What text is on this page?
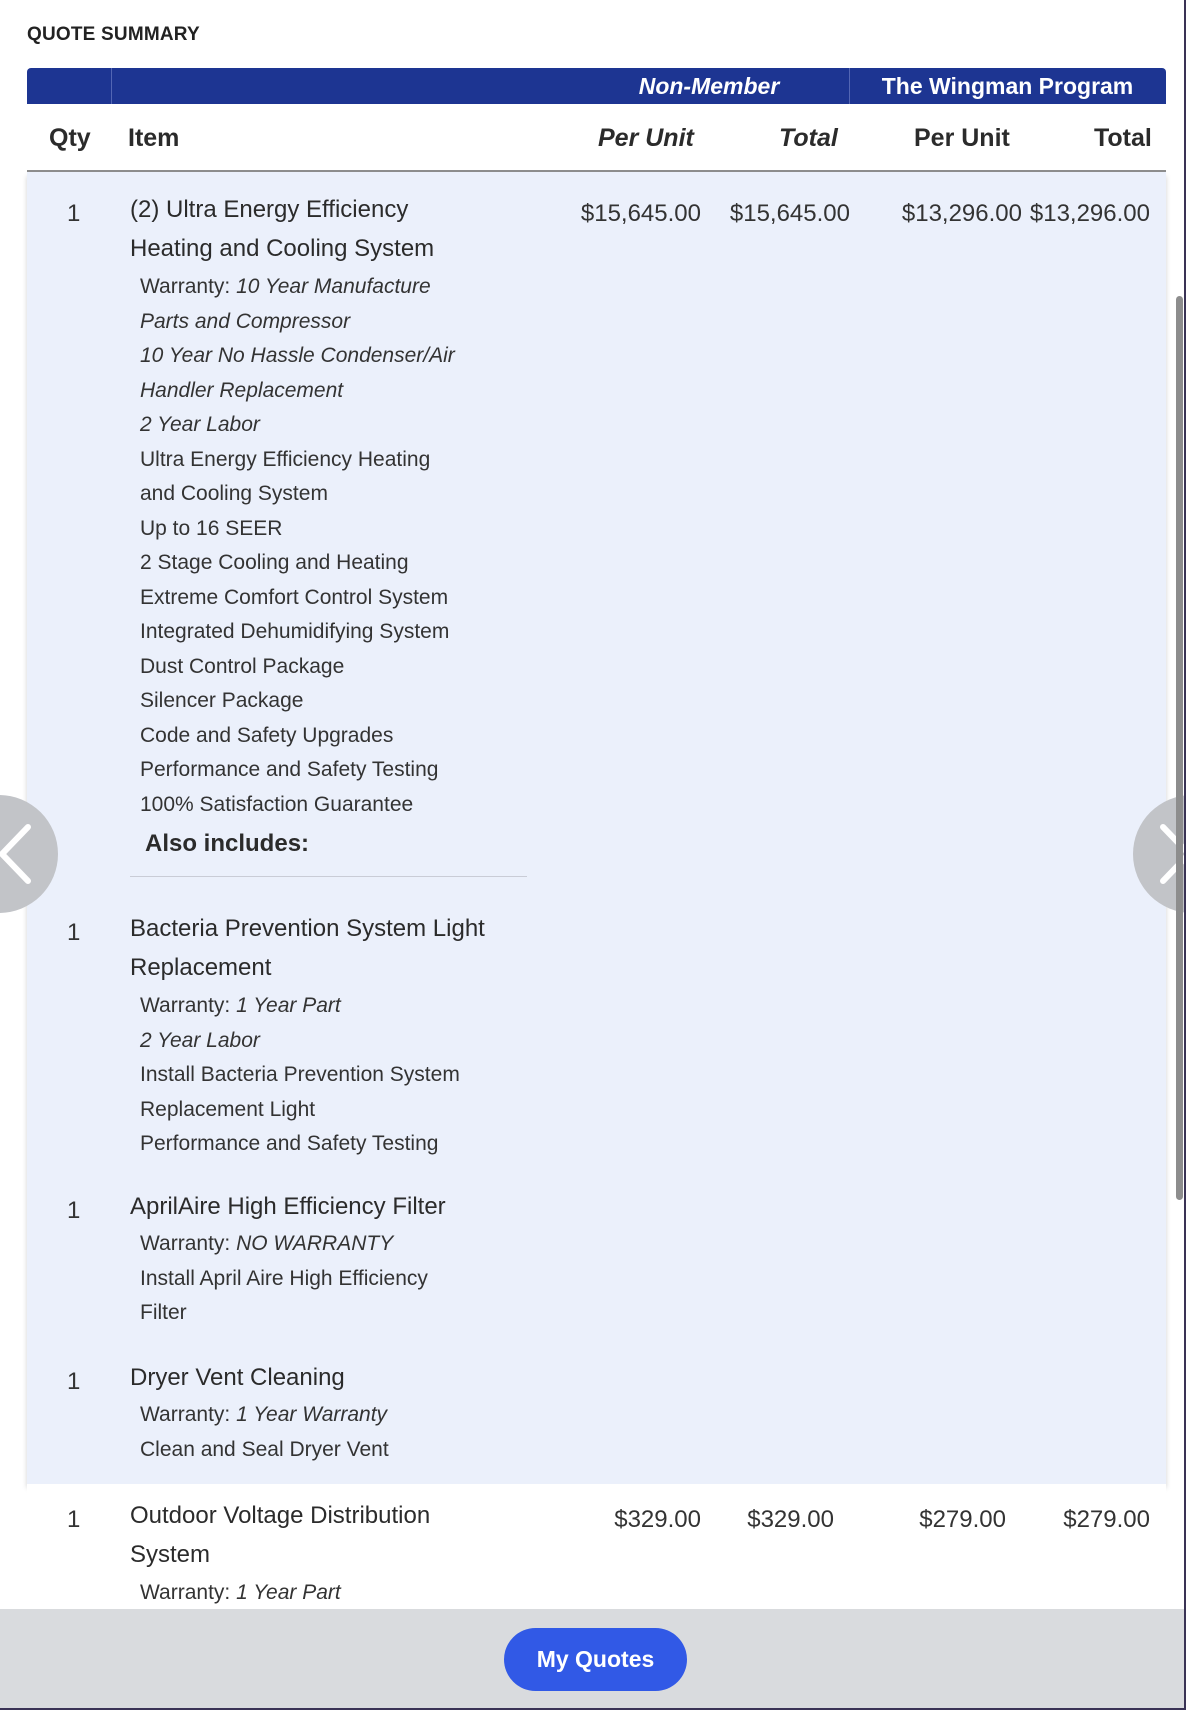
QUOTE SUMMARY
Non-Member	The Wingman Program
Qty Item	Per Unit	Total	Per Unit	Total
1 (2) Ultra Energy Efficiency
Heating and Cooling System
$15,645.00	$15,645.00	$13,296.00 $13,296.00
Warranty: 10 Year Manufacture
Parts and Compressor
10 Year No Hassle Condenser/Air
Handler Replacement
2 Year Labor
Ultra Energy Efficiency Heating
and Cooling System
Up to 16 SEER
2 Stage Cooling and Heating
Extreme Comfort Control System
Integrated Dehumidifying System
Dust Control Package
Silencer Package
Code and Safety Upgrades
Performance and Safety Testing
100% Satisfaction Guarantee
Also includes:
1 Bacteria Prevention System Light
Replacement
Warranty: 1 Year Part
2 Year Labor
Install Bacteria Prevention System
Replacement Light
Performance and Safety Testing
1 AprilAire High Efficiency Filter
Warranty: NO WARRANTY
Install April Aire High Efficiency
Filter
1 Dryer Vent Cleaning
Warranty: 1 Year Warranty
Clean and Seal Dryer Vent
1 Outdoor Voltage Distribution
System
$329.00	$329.00	$279.00	$279.00
Warranty: 1 Year Part
My Quotes
